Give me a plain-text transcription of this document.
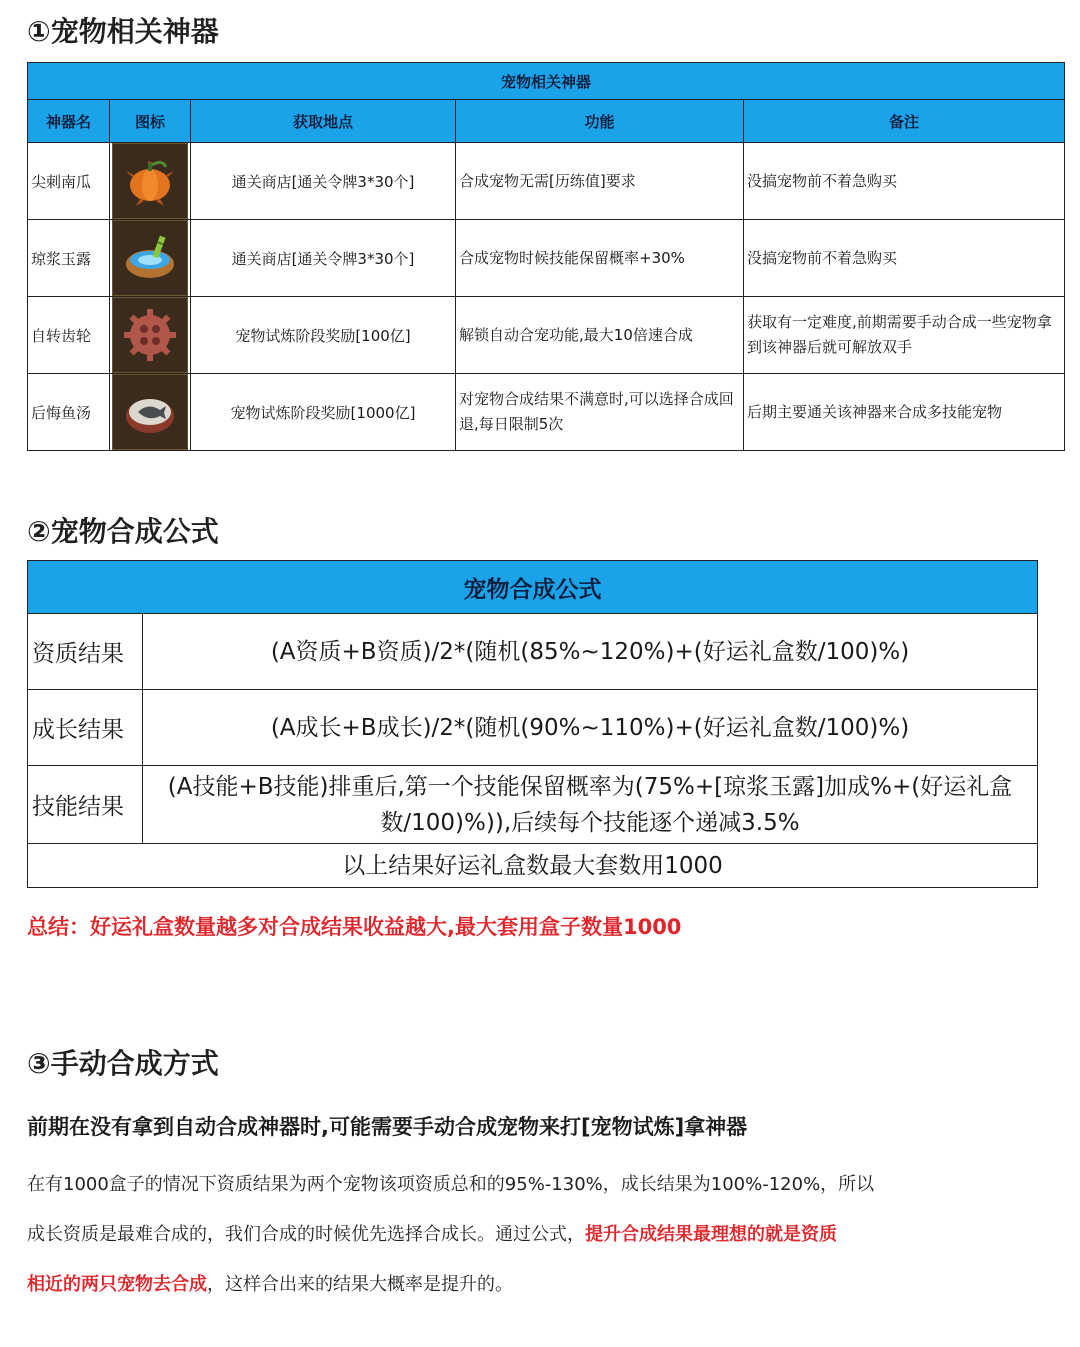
①宠物相关神器
宠物相关神器				
神器名	图标	获取地点	功能	备注
尖刺南瓜		通关商店[通关令牌3*30个]	合成宠物无需[历练值]要求	没搞宠物前不着急购买
琼浆玉露		通关商店[通关令牌3*30个]	合成宠物时候技能保留概率+30%	没搞宠物前不着急购买
自转齿轮		宠物试炼阶段奖励[100亿]	解锁自动合宠功能,最大10倍速合成	获取有一定难度,前期需要手动合成一些宠物拿到该神器后就可解放双手
后悔鱼汤		宠物试炼阶段奖励[1000亿]	对宠物合成结果不满意时,可以选择合成回退,每日限制5次	后期主要通关该神器来合成多技能宠物
②宠物合成公式
宠物合成公式	
资质结果	(A资质+B资质)/2*(随机(85%~120%)+(好运礼盒数/100)%)
成长结果	(A成长+B成长)/2*(随机(90%~110%)+(好运礼盒数/100)%)
技能结果	(A技能+B技能)排重后,第一个技能保留概率为(75%+[琼浆玉露]加成%+(好运礼盒数/100)%)),后续每个技能逐个递减3.5%
以上结果好运礼盒数最大套数用1000	
总结：好运礼盒数量越多对合成结果收益越大,最大套用盒子数量1000
③手动合成方式
前期在没有拿到自动合成神器时,可能需要手动合成宠物来打[宠物试炼]拿神器
在有1000盒子的情况下资质结果为两个宠物该项资质总和的95%-130%，成长结果为100%-120%，所以
成长资质是最难合成的，我们合成的时候优先选择合成长。通过公式，提升合成结果最理想的就是资质
相近的两只宠物去合成，这样合出来的结果大概率是提升的。
